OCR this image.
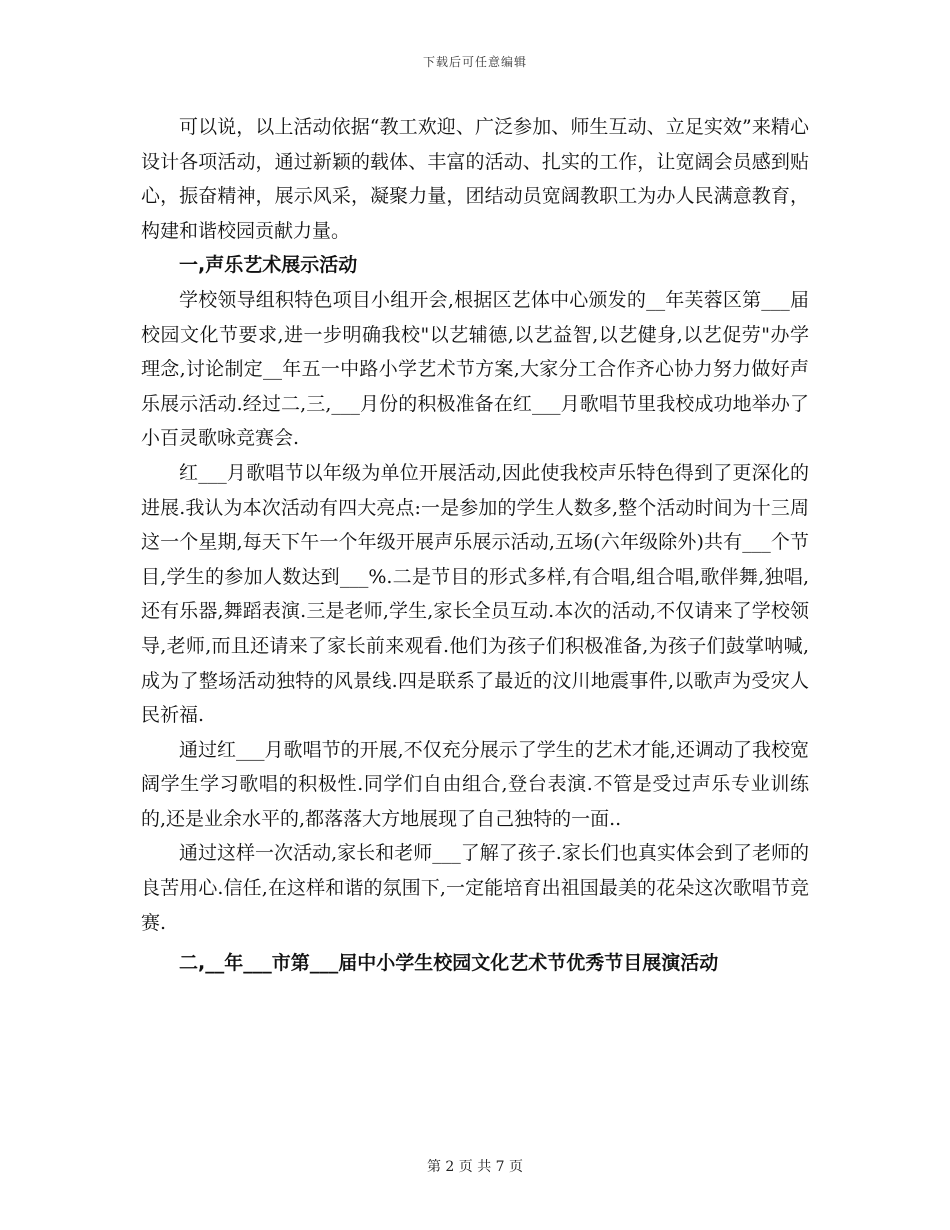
下载后可任意编辑

可以说，以上活动依据“教工欢迎、广泛参加、师生互动、立足实效”来精心设计各项活动，通过新颖的载体、丰富的活动、扎实的工作，让宽阔会员感到贴心，振奋精神，展示风采，凝聚力量，团结动员宽阔教职工为办人民满意教育，构建和谐校园贡献力量。

一,声乐艺术展示活动

学校领导组积特色项目小组开会,根据区艺体中心颁发的__年芙蓉区第___届校园文化节要求,进一步明确我校"以艺辅德,以艺益智,以艺健身,以艺促劳"办学理念,讨论制定__年五一中路小学艺术节方案,大家分工合作齐心协力努力做好声乐展示活动.经过二,三,___月份的积极准备在红___月歌唱节里我校成功地举办了小百灵歌咏竞赛会.

红___月歌唱节以年级为单位开展活动,因此使我校声乐特色得到了更深化的进展.我认为本次活动有四大亮点:一是参加的学生人数多,整个活动时间为十三周这一个星期,每天下午一个年级开展声乐展示活动,五场(六年级除外)共有___个节目,学生的参加人数达到___%.二是节目的形式多样,有合唱,组合唱,歌伴舞,独唱,还有乐器,舞蹈表演.三是老师,学生,家长全员互动.本次的活动,不仅请来了学校领导,老师,而且还请来了家长前来观看.他们为孩子们积极准备,为孩子们鼓掌呐喊,成为了整场活动独特的风景线.四是联系了最近的汶川地震事件,以歌声为受灾人民祈福.

通过红___月歌唱节的开展,不仅充分展示了学生的艺术才能,还调动了我校宽阔学生学习歌唱的积极性.同学们自由组合,登台表演.不管是受过声乐专业训练的,还是业余水平的,都落落大方地展现了自己独特的一面..

通过这样一次活动,家长和老师___了解了孩子.家长们也真实体会到了老师的良苦用心.信任,在这样和谐的氛围下,一定能培育出祖国最美的花朵这次歌唱节竞赛.

二,__年___市第___届中小学生校园文化艺术节优秀节目展演活动

第 2 页 共 7 页
